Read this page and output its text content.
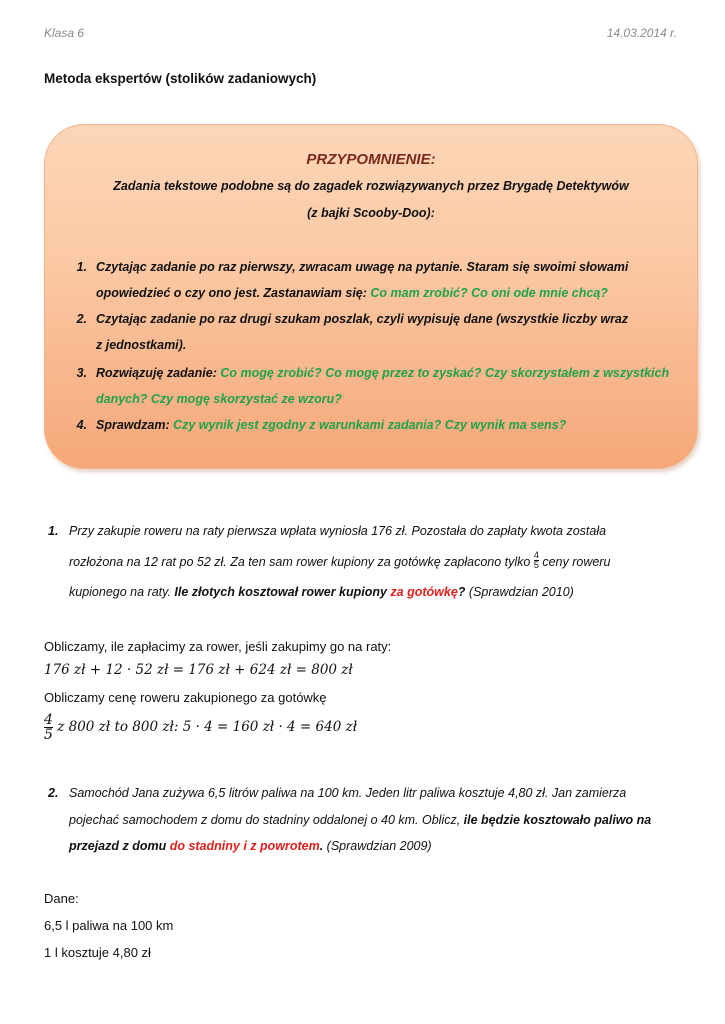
Klasa 6	14.03.2014 r.
Metoda ekspertów (stolików zadaniowych)
PRZYPOMNIENIE:
Zadania tekstowe podobne są do zagadek rozwiązywanych przez Brygadę Detektywów
(z bajki Scooby-Doo):
1. Czytając zadanie po raz pierwszy, zwracam uwagę na pytanie. Staram się swoimi słowami
opowiedzieć o czy ono jest. Zastanawiam się: Co mam zrobić? Co oni ode mnie chcą?
2. Czytając zadanie po raz drugi szukam poszlak, czyli wypisuję dane (wszystkie liczby wraz
z jednostkami).
3. Rozwiązuję zadanie: Co mogę zrobić? Co mogę przez to zyskać? Czy skorzystałem z wszystkich
danych? Czy mogę skorzystać ze wzoru?
4. Sprawdzam: Czy wynik jest zgodny z warunkami zadania? Czy wynik ma sens?
1. Przy zakupie roweru na raty pierwsza wpłata wyniosła 176 zł. Pozostała do zapłaty kwota została
rozłożona na 12 rat po 52 zł. Za ten sam rower kupiony za gotówkę zapłacono tylko $\frac{4}{5}$ ceny roweru
kupionego na raty. Ile złotych kosztował rower kupiony za gotówkę? (Sprawdzian 2010)
Obliczamy, ile zapłacimy za rower, jeśli zakupimy go na raty:
176 zł + 12 · 52 zł = 176 zł + 624 zł = 800 zł
Obliczamy cenę roweru zakupionego za gotówkę
$\frac{4}{5}$ z 800 zł to 800 zł: 5 · 4 = 160 zł · 4 = 640 zł
2. Samochód Jana zużywa 6,5 litrów paliwa na 100 km. Jeden litr paliwa kosztuje 4,80 zł. Jan zamierza
pojechać samochodem z domu do stadniny oddalonej o 40 km. Oblicz, ile będzie kosztowało paliwo na
przejazd z domu do stadniny i z powrotem. (Sprawdzian 2009)
Dane:
6,5 l paliwa na 100 km
1 l kosztuje 4,80 zł
